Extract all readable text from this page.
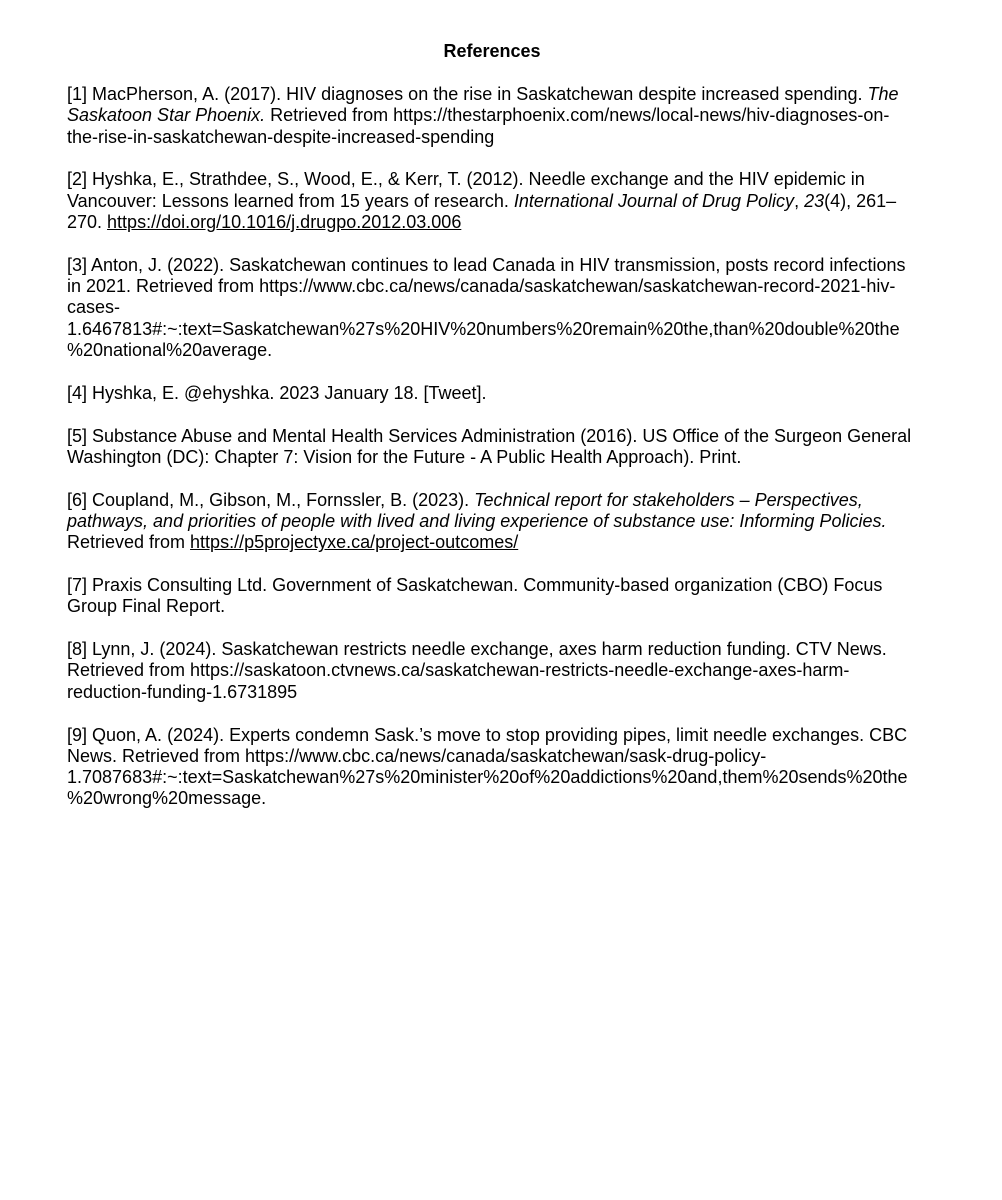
References

[1] MacPherson, A. (2017). HIV diagnoses on the rise in Saskatchewan despite increased spending. The Saskatoon Star Phoenix. Retrieved from https://thestarphoenix.com/news/local-news/hiv-diagnoses-on-the-rise-in-saskatchewan-despite-increased-spending

[2] Hyshka, E., Strathdee, S., Wood, E., & Kerr, T. (2012). Needle exchange and the HIV epidemic in Vancouver: Lessons learned from 15 years of research. International Journal of Drug Policy, 23(4), 261–270. https://doi.org/10.1016/j.drugpo.2012.03.006

[3] Anton, J. (2022). Saskatchewan continues to lead Canada in HIV transmission, posts record infections in 2021. Retrieved from https://www.cbc.ca/news/canada/saskatchewan/saskatchewan-record-2021-hiv-cases-1.6467813#:~:text=Saskatchewan%27s%20HIV%20numbers%20remain%20the,than%20double%20the%20national%20average.

[4] Hyshka, E. @ehyshka. 2023 January 18. [Tweet].

[5] Substance Abuse and Mental Health Services Administration (2016). US Office of the Surgeon General Washington (DC): Chapter 7: Vision for the Future - A Public Health Approach). Print.

[6] Coupland, M., Gibson, M., Fornssler, B. (2023). Technical report for stakeholders – Perspectives, pathways, and priorities of people with lived and living experience of substance use: Informing Policies. Retrieved from https://p5projectyxe.ca/project-outcomes/

[7] Praxis Consulting Ltd. Government of Saskatchewan. Community-based organization (CBO) Focus Group Final Report.

[8] Lynn, J. (2024). Saskatchewan restricts needle exchange, axes harm reduction funding. CTV News. Retrieved from https://saskatoon.ctvnews.ca/saskatchewan-restricts-needle-exchange-axes-harm-reduction-funding-1.6731895

[9] Quon, A. (2024). Experts condemn Sask.’s move to stop providing pipes, limit needle exchanges. CBC News. Retrieved from https://www.cbc.ca/news/canada/saskatchewan/sask-drug-policy-1.7087683#:~:text=Saskatchewan%27s%20minister%20of%20addictions%20and,them%20sends%20the%20wrong%20message.
